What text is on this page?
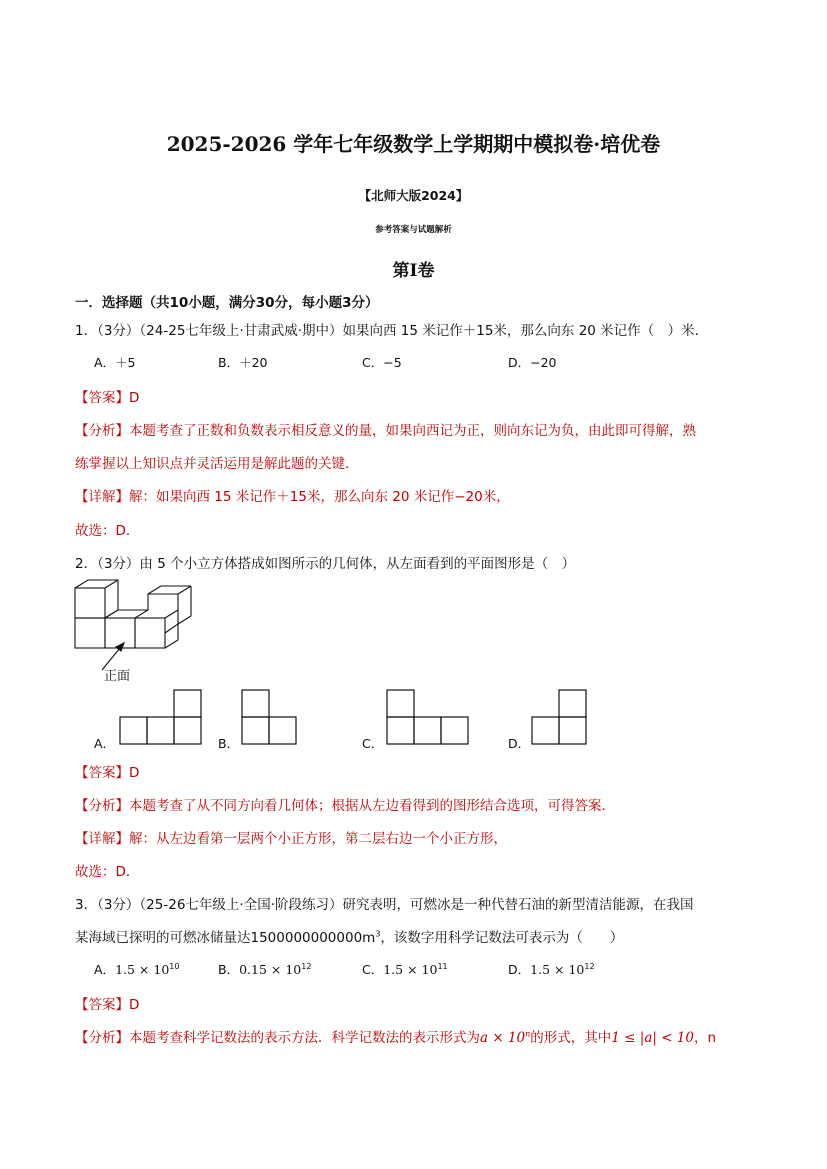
2025-2026 学年七年级数学上学期期中模拟卷·培优卷
【北师大版2024】
参考答案与试题解析
第Ⅰ卷
一．选择题（共10小题，满分30分，每小题3分）
1．（3分）（24-25七年级上·甘肃武威·期中）如果向西 15 米记作＋15米，那么向东 20 米记作（　）米．
A．＋5	B．＋20	C．−5	D．−20
【答案】D
【分析】本题考查了正数和负数表示相反意义的量，如果向西记为正，则向东记为负，由此即可得解，熟
练掌握以上知识点并灵活运用是解此题的关键．
【详解】解：如果向西 15 米记作＋15米，那么向东 20 米记作−20米，
故选：D．
2．（3分）由 5 个小立方体搭成如图所示的几何体，从左面看到的平面图形是（　）
正面
A．	B．	C．	D．
【答案】D
【分析】本题考查了从不同方向看几何体；根据从左边看得到的图形结合选项，可得答案．
【详解】解：从左边看第一层两个小正方形，第二层右边一个小正方形，
故选：D．
3．（3分）（25-26七年级上·全国·阶段练习）研究表明，可燃冰是一种代替石油的新型清洁能源，在我国
某海域已探明的可燃冰储量达$1500000000000m^3$，该数字用科学记数法可表示为（　　）
A．$1.5 \times 10^{10}$	B．$0.15 \times 10^{12}$	C．$1.5 \times 10^{11}$	D．$1.5 \times 10^{12}$
【答案】D
【分析】本题考查科学记数法的表示方法．科学记数法的表示形式为$a \times 10^n$的形式，其中1 ≤ |a| < 10，n
